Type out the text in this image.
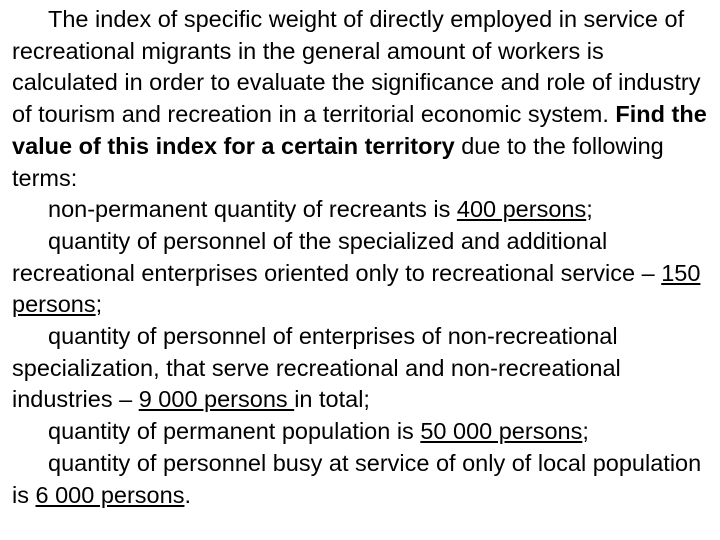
The index of specific weight of directly employed in service of recreational migrants in the general amount of workers is calculated in order to evaluate the significance and role of industry of tourism and recreation in a territorial economic system. Find the value of this index for a certain territory due to the following terms:

non-permanent quantity of recreants is 400 persons;

quantity of personnel of the specialized and additional recreational enterprises oriented only to recreational service – 150 persons;

quantity of personnel of enterprises of non-recreational specialization, that serve recreational and non-recreational industries – 9 000 persons in total;

quantity of permanent population is 50 000 persons;

quantity of personnel busy at service of only of local population is 6 000 persons.
